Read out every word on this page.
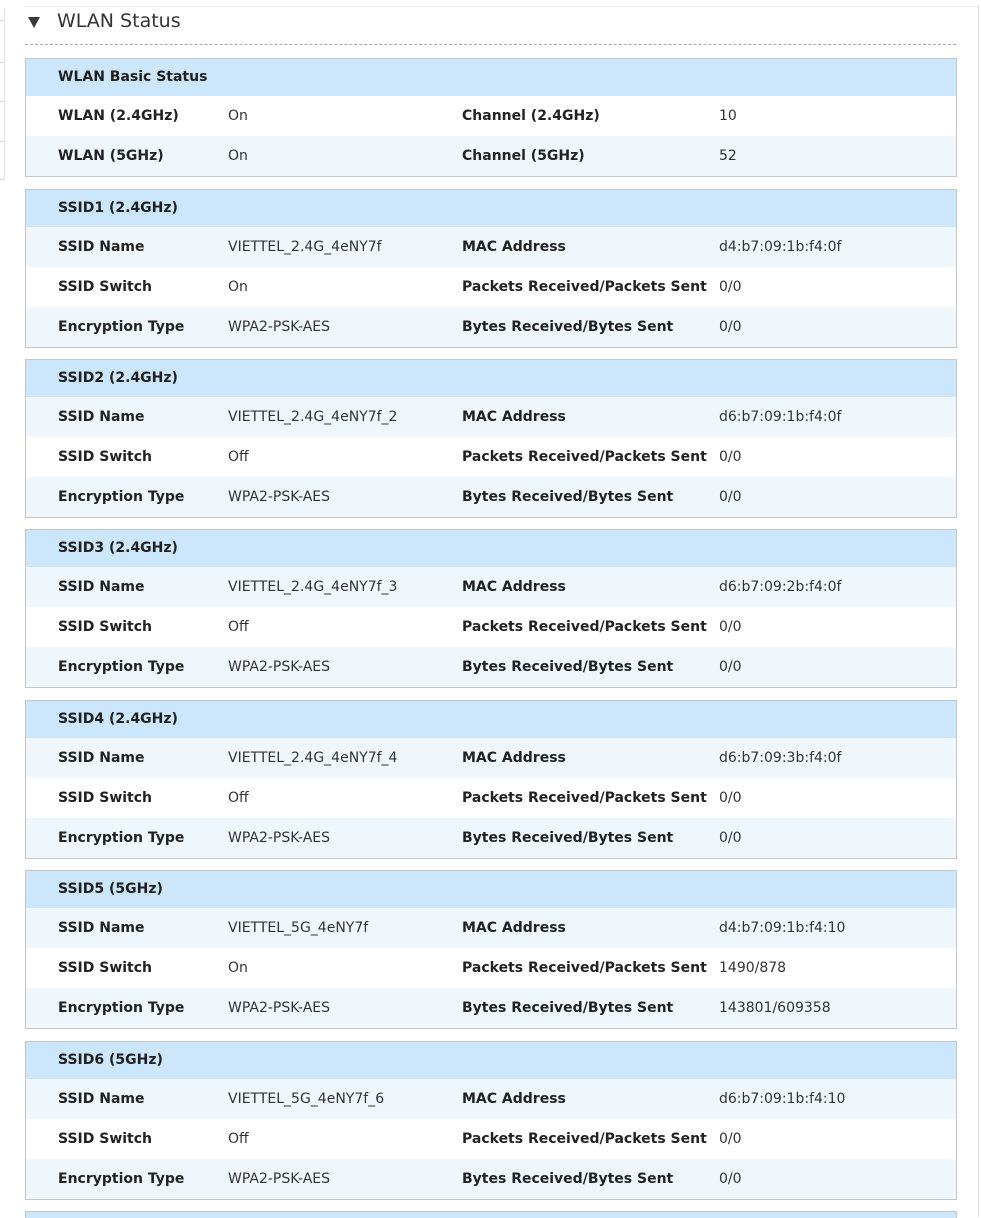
WLAN Status
WLAN Basic Status
WLAN (2.4GHz)	On	Channel (2.4GHz)	10
WLAN (5GHz)	On	Channel (5GHz)	52
SSID1 (2.4GHz)
SSID Name	VIETTEL_2.4G_4eNY7f	MAC Address	d4:b7:09:1b:f4:0f
SSID Switch	On	Packets Received/Packets Sent 0/0
Encryption Type	WPA2-PSK-AES	Bytes Received/Bytes Sent	0/0
SSID2 (2.4GHz)
SSID Name	VIETTEL_2.4G_4eNY7f_2	MAC Address	d6:b7:09:1b:f4:0f
SSID Switch	Off	Packets Received/Packets Sent 0/0
Encryption Type	WPA2-PSK-AES	Bytes Received/Bytes Sent	0/0
SSID3 (2.4GHz)
SSID Name	VIETTEL_2.4G_4eNY7f_3	MAC Address	d6:b7:09:2b:f4:0f
SSID Switch	Off	Packets Received/Packets Sent 0/0
Encryption Type	WPA2-PSK-AES	Bytes Received/Bytes Sent	0/0
SSID4 (2.4GHz)
SSID Name	VIETTEL_2.4G_4eNY7f_4	MAC Address	d6:b7:09:3b:f4:0f
SSID Switch	Off	Packets Received/Packets Sent 0/0
Encryption Type	WPA2-PSK-AES	Bytes Received/Bytes Sent	0/0
SSID5 (5GHz)
SSID Name	VIETTEL_5G_4eNY7f	MAC Address	d4:b7:09:1b:f4:10
SSID Switch	On	Packets Received/Packets Sent 1490/878
Encryption Type	WPA2-PSK-AES	Bytes Received/Bytes Sent	143801/609358
SSID6 (5GHz)
SSID Name	VIETTEL_5G_4eNY7f_6	MAC Address	d6:b7:09:1b:f4:10
SSID Switch	Off	Packets Received/Packets Sent 0/0
Encryption Type	WPA2-PSK-AES	Bytes Received/Bytes Sent	0/0
